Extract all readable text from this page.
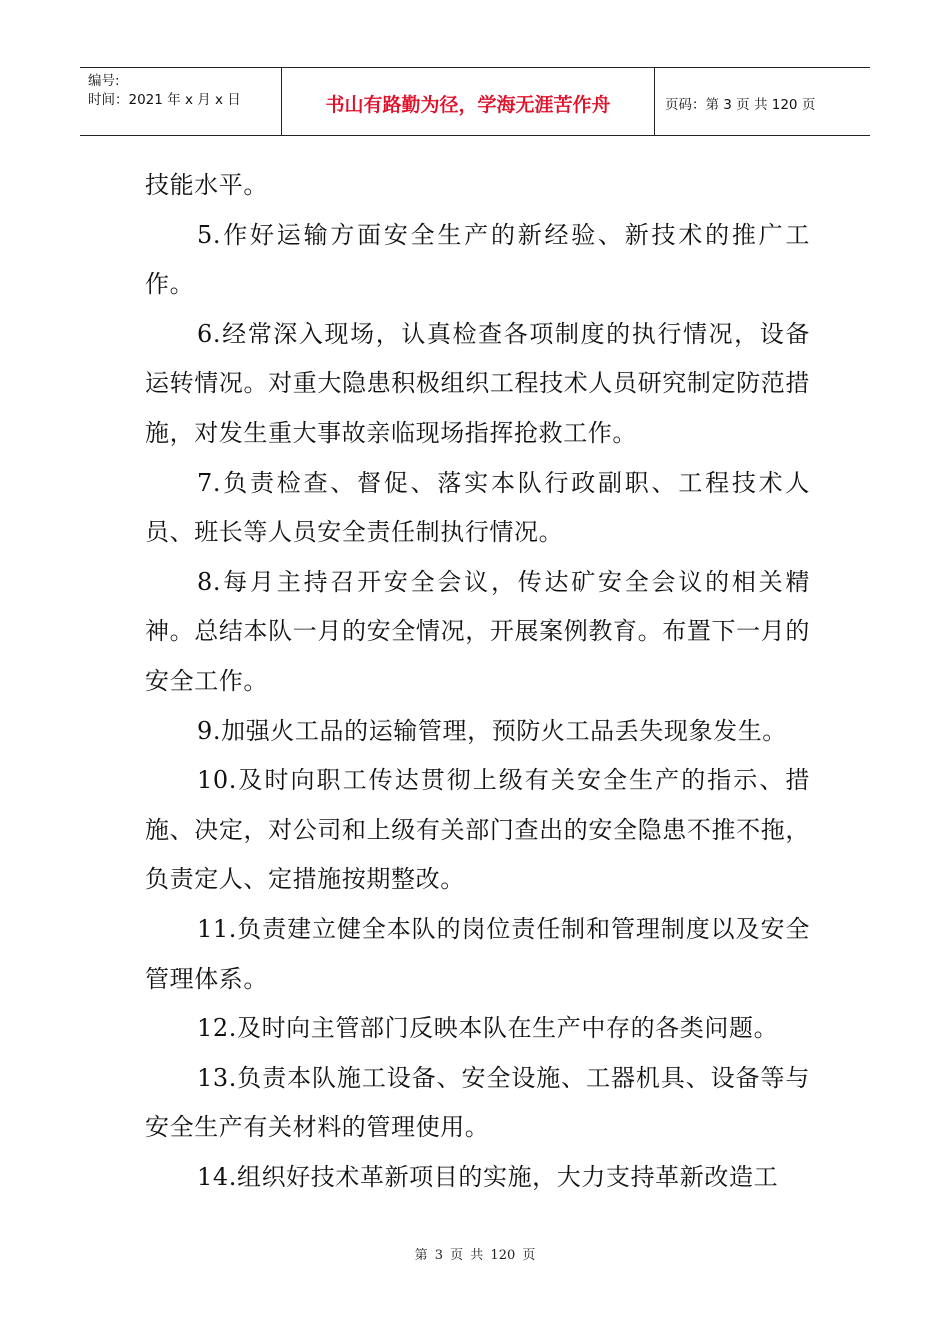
编号:
时间：2021 年 x 月 x 日	书山有路勤为径，学海无涯苦作舟	页码：第 3 页 共 120 页

技能水平。

5.作好运输方面安全生产的新经验、新技术的推广工作。

6.经常深入现场，认真检查各项制度的执行情况，设备运转情况。对重大隐患积极组织工程技术人员研究制定防范措施，对发生重大事故亲临现场指挥抢救工作。

7.负责检查、督促、落实本队行政副职、工程技术人员、班长等人员安全责任制执行情况。

8.每月主持召开安全会议，传达矿安全会议的相关精神。总结本队一月的安全情况，开展案例教育。布置下一月的安全工作。

9.加强火工品的运输管理，预防火工品丢失现象发生。

10.及时向职工传达贯彻上级有关安全生产的指示、措施、决定，对公司和上级有关部门查出的安全隐患不推不拖，负责定人、定措施按期整改。

11.负责建立健全本队的岗位责任制和管理制度以及安全管理体系。

12.及时向主管部门反映本队在生产中存的各类问题。

13.负责本队施工设备、安全设施、工器机具、设备等与安全生产有关材料的管理使用。

14.组织好技术革新项目的实施，大力支持革新改造工

第 3 页 共 120 页
